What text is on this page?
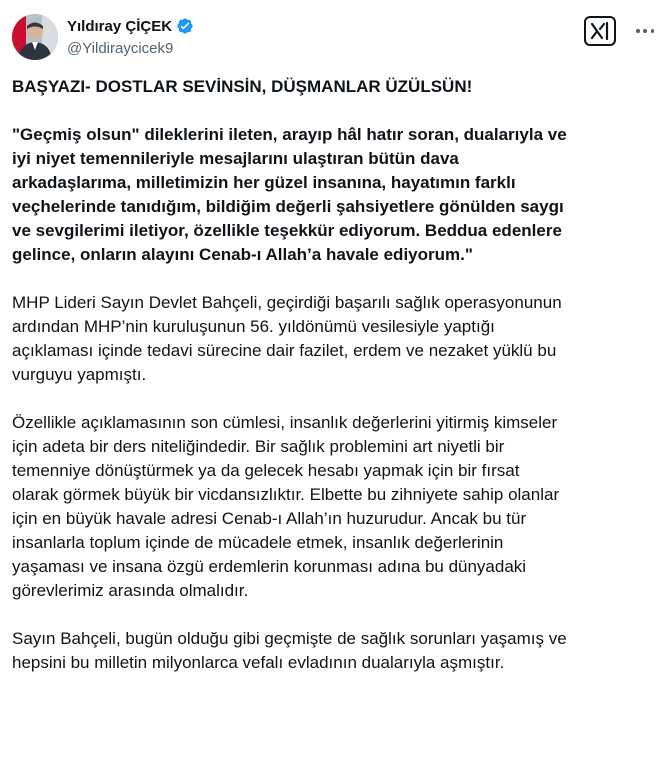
Yıldıray ÇİÇEK
@Yildiraycicek9

BAŞYAZI- DOSTLAR SEVİNSİN, DÜŞMANLAR ÜZÜLSÜN!

"Geçmiş olsun" dileklerini ileten, arayıp hâl hatır soran, dualarıyla ve

iyi niyet temennileriyle mesajlarını ulaştıran bütün dava

arkadaşlarıma, milletimizin her güzel insanına, hayatımın farklı

veçhelerinde tanıdığım, bildiğim değerli şahsiyetlere gönülden saygı

ve sevgilerimi iletiyor, özellikle teşekkür ediyorum. Beddua edenlere

gelince, onların alayını Cenab-ı Allah’a havale ediyorum."

MHP Lideri Sayın Devlet Bahçeli, geçirdiği başarılı sağlık operasyonunun

ardından MHP’nin kuruluşunun 56. yıldönümü vesilesiyle yaptığı

açıklaması içinde tedavi sürecine dair fazilet, erdem ve nezaket yüklü bu

vurguyu yapmıştı.

Özellikle açıklamasının son cümlesi, insanlık değerlerini yitirmiş kimseler

için adeta bir ders niteliğindedir. Bir sağlık problemini art niyetli bir

temenniye dönüştürmek ya da gelecek hesabı yapmak için bir fırsat

olarak görmek büyük bir vicdansızlıktır. Elbette bu zihniyete sahip olanlar

için en büyük havale adresi Cenab-ı Allah’ın huzurudur. Ancak bu tür

insanlarla toplum içinde de mücadele etmek, insanlık değerlerinin

yaşaması ve insana özgü erdemlerin korunması adına bu dünyadaki

görevlerimiz arasında olmalıdır.

Sayın Bahçeli, bugün olduğu gibi geçmişte de sağlık sorunları yaşamış ve

hepsini bu milletin milyonlarca vefalı evladının dualarıyla aşmıştır.
